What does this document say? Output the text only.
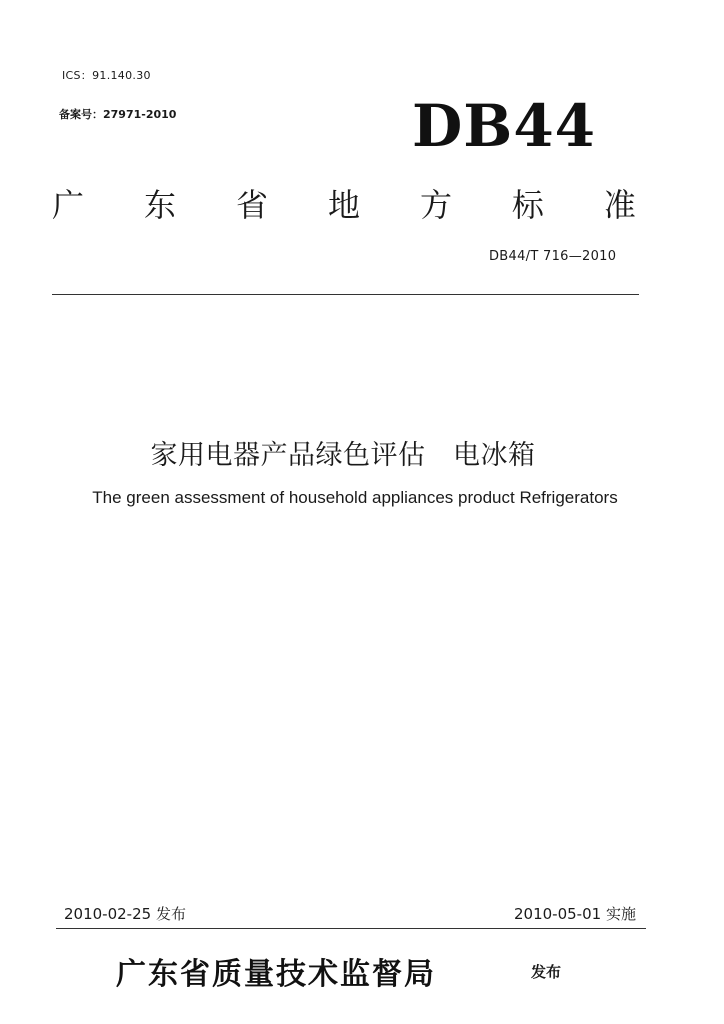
ICS：91.140.30
备案号：27971-2010	DB44
广 东 省 地 方 标 准
DB44/T 716—2010
家用电器产品绿色评估　电冰箱
The green assessment of household appliances product Refrigerators
2010-02-25 发布	2010-05-01 实施
广东省质量技术监督局	发布
